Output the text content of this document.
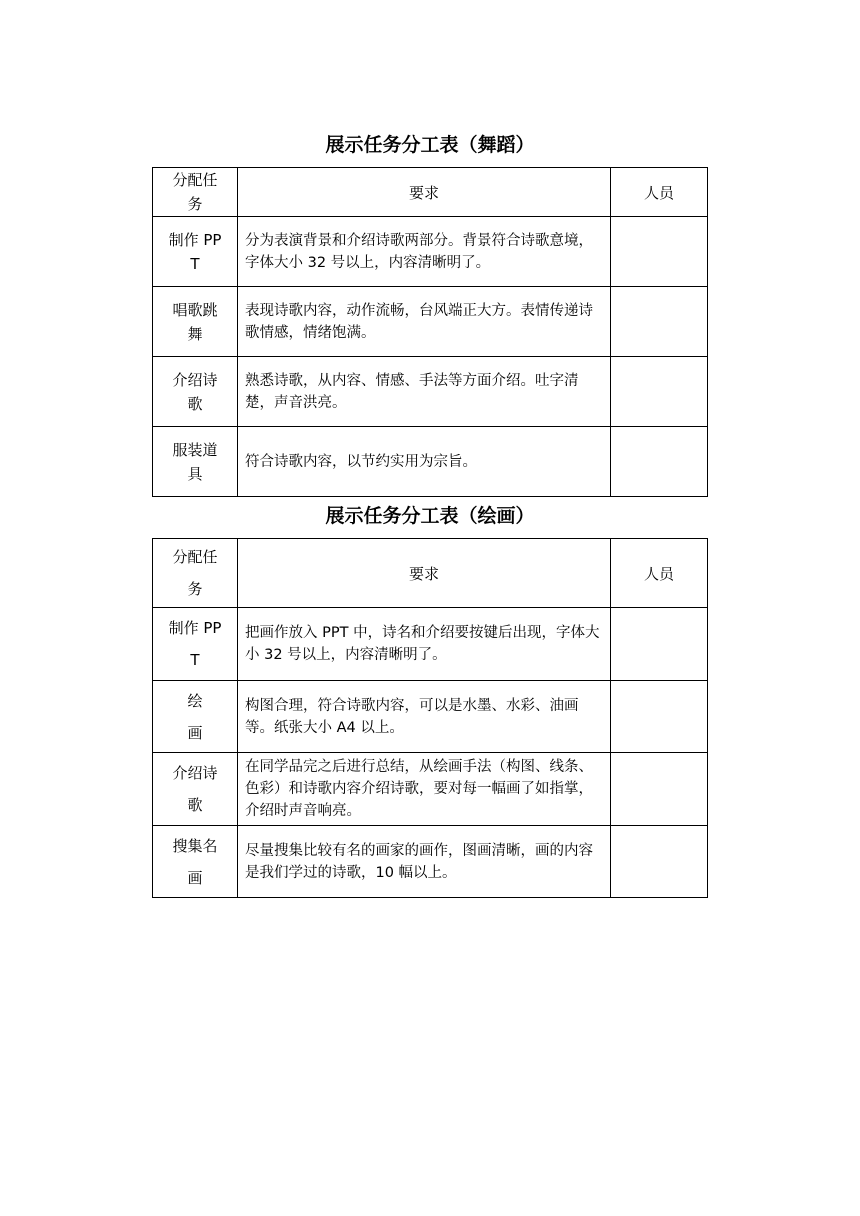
展示任务分工表（舞蹈）
分配任务	要求	人员
制作 PPT	分为表演背景和介绍诗歌两部分。背景符合诗歌意境，字体大小 32 号以上，内容清晰明了。	
唱歌跳舞	表现诗歌内容，动作流畅，台风端正大方。表情传递诗歌情感，情绪饱满。	
介绍诗歌	熟悉诗歌，从内容、情感、手法等方面介绍。吐字清楚，声音洪亮。	
服装道具	符合诗歌内容，以节约实用为宗旨。	
展示任务分工表（绘画）
分配任务	要求	人员
制作 PPT	把画作放入 PPT 中，诗名和介绍要按键后出现，字体大小 32 号以上，内容清晰明了。	
绘画	构图合理，符合诗歌内容，可以是水墨、水彩、油画等。纸张大小 A4 以上。	
介绍诗歌	在同学品完之后进行总结，从绘画手法（构图、线条、色彩）和诗歌内容介绍诗歌，要对每一幅画了如指掌，介绍时声音响亮。	
搜集名画	尽量搜集比较有名的画家的画作，图画清晰，画的内容是我们学过的诗歌，10 幅以上。	
